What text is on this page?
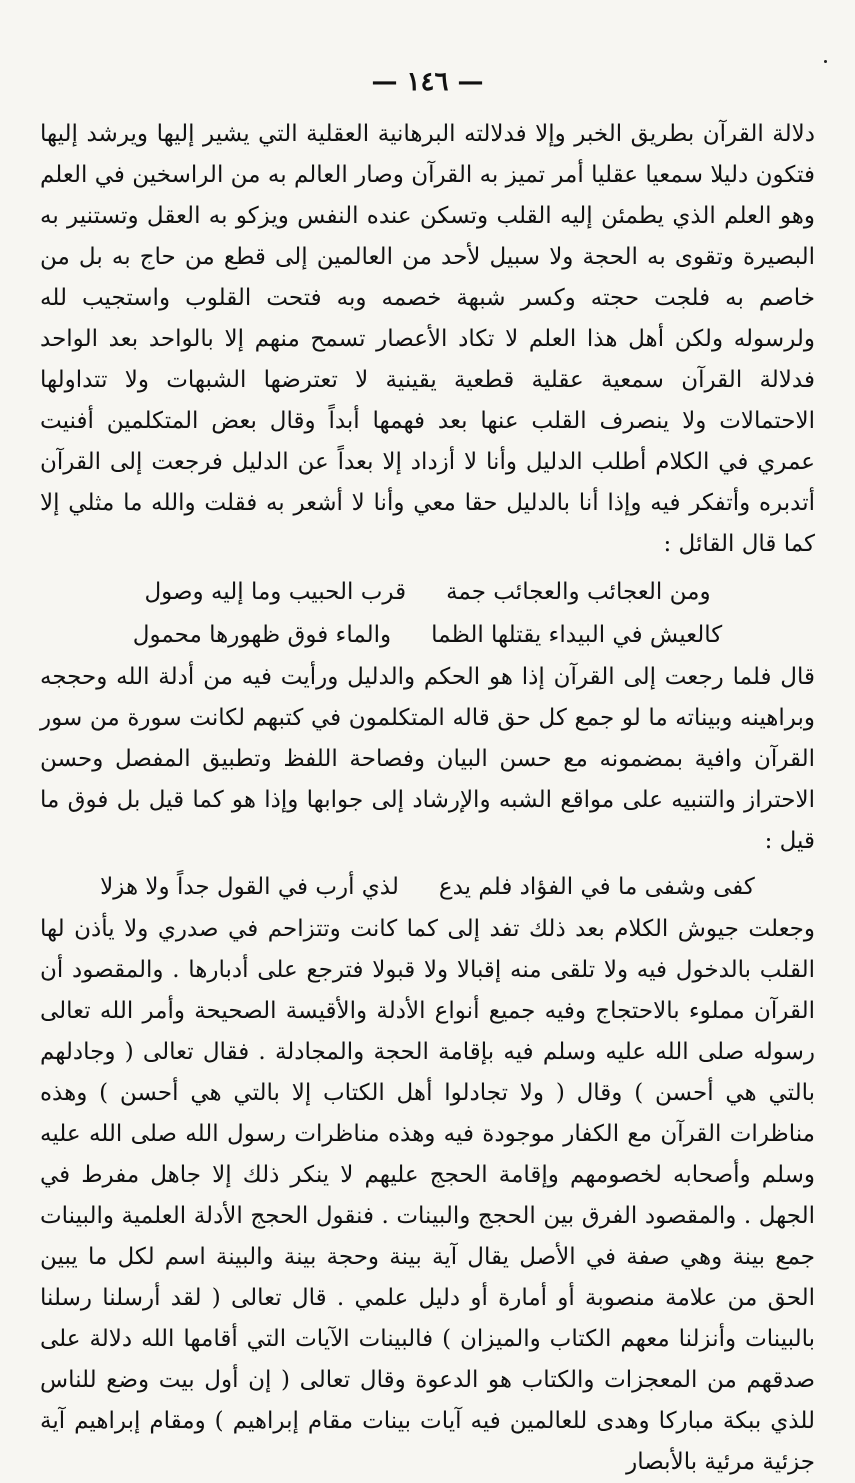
— ١٤٦ —

دلالة القرآن بطريق الخبر وإلا فدلالته البرهانية العقلية التي يشير إليها ويرشد إليها فتكون دليلا سمعيا عقليا أمر تميز به القرآن وصار العالم به من الراسخين في العلم وهو العلم الذي يطمئن إليه القلب وتسكن عنده النفس ويزكو به العقل وتستنير به البصيرة وتقوى به الحجة ولا سبيل لأحد من العالمين إلى قطع من حاج به بل من خاصم به فلجت حجته وكسر شبهة خصمه وبه فتحت القلوب واستجيب لله ولرسوله ولكن أهل هذا العلم لا تكاد الأعصار تسمح منهم إلا بالواحد بعد الواحد فدلالة القرآن سمعية عقلية قطعية يقينية لا تعترضها الشبهات ولا تتداولها الاحتمالات ولا ينصرف القلب عنها بعد فهمها أبداً وقال بعض المتكلمين أفنيت عمري في الكلام أطلب الدليل وأنا لا أزداد إلا بعداً عن الدليل فرجعت إلى القرآن أتدبره وأتفكر فيه وإذا أنا بالدليل حقا معي وأنا لا أشعر به فقلت والله ما مثلي إلا كما قال القائل :

ومن العجائب والعجائب جمة
قرب الحبيب وما إليه وصول
كالعيش في البيداء يقتلها الظما
والماء فوق ظهورها محمول

قال فلما رجعت إلى القرآن إذا هو الحكم والدليل ورأيت فيه من أدلة الله وحججه وبراهينه وبيناته ما لو جمع كل حق قاله المتكلمون في كتبهم لكانت سورة من سور القرآن وافية بمضمونه مع حسن البيان وفصاحة اللفظ وتطبيق المفصل وحسن الاحتراز والتنبيه على مواقع الشبه والإرشاد إلى جوابها وإذا هو كما قيل بل فوق ما قيل :

كفى وشفى ما في الفؤاد فلم يدع
لذي أرب في القول جداً ولا هزلا

وجعلت جيوش الكلام بعد ذلك تفد إلى كما كانت وتتزاحم في صدري ولا يأذن لها القلب بالدخول فيه ولا تلقى منه إقبالا ولا قبولا فترجع على أدبارها . والمقصود أن القرآن مملوء بالاحتجاج وفيه جميع أنواع الأدلة والأقيسة الصحيحة وأمر الله تعالى رسوله صلى الله عليه وسلم فيه بإقامة الحجة والمجادلة . فقال تعالى ( وجادلهم بالتي هي أحسن ) وقال ( ولا تجادلوا أهل الكتاب إلا بالتي هي أحسن ) وهذه مناظرات القرآن مع الكفار موجودة فيه وهذه مناظرات رسول الله صلى الله عليه وسلم وأصحابه لخصومهم وإقامة الحجج عليهم لا ينكر ذلك إلا جاهل مفرط في الجهل . والمقصود الفرق بين الحجج والبينات . فنقول الحجج الأدلة العلمية والبينات جمع بينة وهي صفة في الأصل يقال آية بينة وحجة بينة والبينة اسم لكل ما يبين الحق من علامة منصوبة أو أمارة أو دليل علمي . قال تعالى ( لقد أرسلنا رسلنا بالبينات وأنزلنا معهم الكتاب والميزان ) فالبينات الآيات التي أقامها الله دلالة على صدقهم من المعجزات والكتاب هو الدعوة وقال تعالى ( إن أول بيت وضع للناس للذي ببكة مباركا وهدى للعالمين فيه آيات بينات مقام إبراهيم ) ومقام إبراهيم آية جزئية مرئية بالأبصار
